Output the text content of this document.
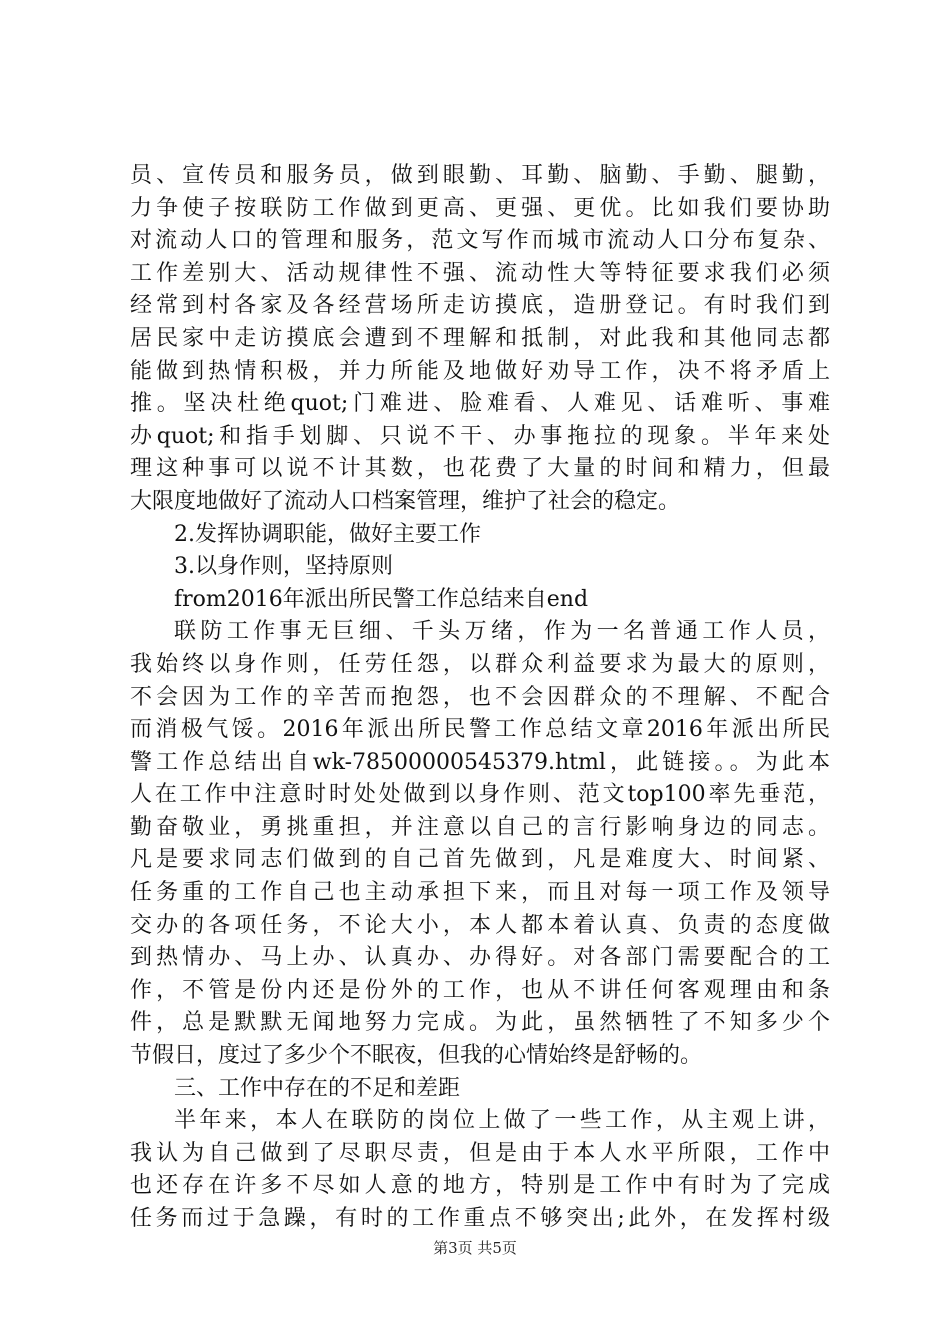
员、宣传员和服务员，做到眼勤、耳勤、脑勤、手勤、腿勤，
力争使子按联防工作做到更高、更强、更优。比如我们要协助
对流动人口的管理和服务，范文写作而城市流动人口分布复杂、
工作差别大、活动规律性不强、流动性大等特征要求我们必须
经常到村各家及各经营场所走访摸底，造册登记。有时我们到
居民家中走访摸底会遭到不理解和抵制，对此我和其他同志都
能做到热情积极，并力所能及地做好劝导工作，决不将矛盾上
推。坚决杜绝quot;门难进、脸难看、人难见、话难听、事难
办quot;和指手划脚、只说不干、办事拖拉的现象。半年来处
理这种事可以说不计其数，也花费了大量的时间和精力，但最
大限度地做好了流动人口档案管理，维护了社会的稳定。
2.发挥协调职能，做好主要工作
3.以身作则，坚持原则
from2016年派出所民警工作总结来自end
联防工作事无巨细、千头万绪，作为一名普通工作人员，
我始终以身作则，任劳任怨，以群众利益要求为最大的原则，
不会因为工作的辛苦而抱怨，也不会因群众的不理解、不配合
而消极气馁。2016年派出所民警工作总结文章2016年派出所民
警工作总结出自wk-78500000545379.html，此链接。。为此本
人在工作中注意时时处处做到以身作则、范文top100率先垂范，
勤奋敬业，勇挑重担，并注意以自己的言行影响身边的同志。
凡是要求同志们做到的自己首先做到，凡是难度大、时间紧、
任务重的工作自己也主动承担下来，而且对每一项工作及领导
交办的各项任务，不论大小，本人都本着认真、负责的态度做
到热情办、马上办、认真办、办得好。对各部门需要配合的工
作，不管是份内还是份外的工作，也从不讲任何客观理由和条
件，总是默默无闻地努力完成。为此，虽然牺牲了不知多少个
节假日，度过了多少个不眠夜，但我的心情始终是舒畅的。
三、工作中存在的不足和差距
半年来，本人在联防的岗位上做了一些工作，从主观上讲，
我认为自己做到了尽职尽责，但是由于本人水平所限，工作中
也还存在许多不尽如人意的地方，特别是工作中有时为了完成
任务而过于急躁，有时的工作重点不够突出;此外，在发挥村级
第3页 共5页
